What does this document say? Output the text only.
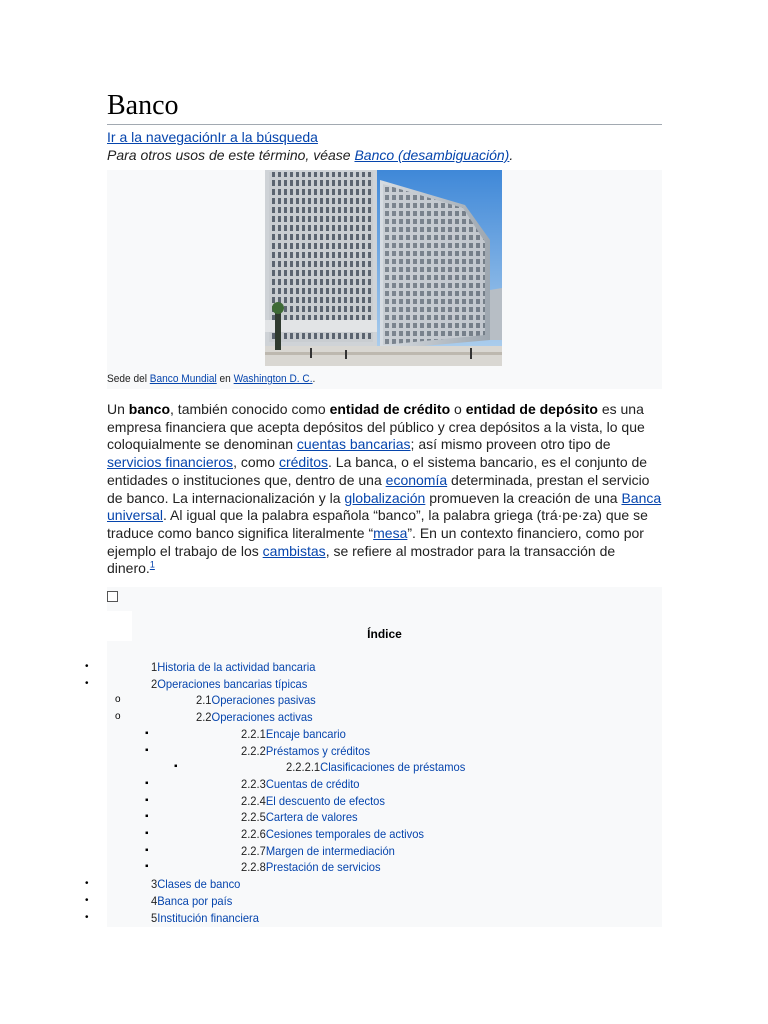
Banco
Ir a la navegaciónIr a la búsqueda
Para otros usos de este término, véase Banco (desambiguación).
Sede del Banco Mundial en Washington D. C..
Un banco, también conocido como entidad de crédito o entidad de depósito es una empresa financiera que acepta depósitos del público y crea depósitos a la vista, lo que coloquialmente se denominan cuentas bancarias; así mismo proveen otro tipo de servicios financieros, como créditos. La banca, o el sistema bancario, es el conjunto de entidades o instituciones que, dentro de una economía determinada, prestan el servicio de banco. La internacionalización y la globalización promueven la creación de una Banca universal. Al igual que la palabra española “banco”, la palabra griega (trá·pe·za) que se traduce como banco significa literalmente “mesa”. En un contexto financiero, como por ejemplo el trabajo de los cambistas, se refiere al mostrador para la transacción de dinero.$^1$
Índice
•	1Historia de la actividad bancaria
•	2Operaciones bancarias típicas
o	2.1Operaciones pasivas
o	2.2Operaciones activas
▪	2.2.1Encaje bancario
▪	2.2.2Préstamos y créditos
▪	2.2.2.1Clasificaciones de préstamos
▪	2.2.3Cuentas de crédito
▪	2.2.4El descuento de efectos
▪	2.2.5Cartera de valores
▪	2.2.6Cesiones temporales de activos
▪	2.2.7Margen de intermediación
▪	2.2.8Prestación de servicios
•	3Clases de banco
•	4Banca por país
•	5Institución financiera
